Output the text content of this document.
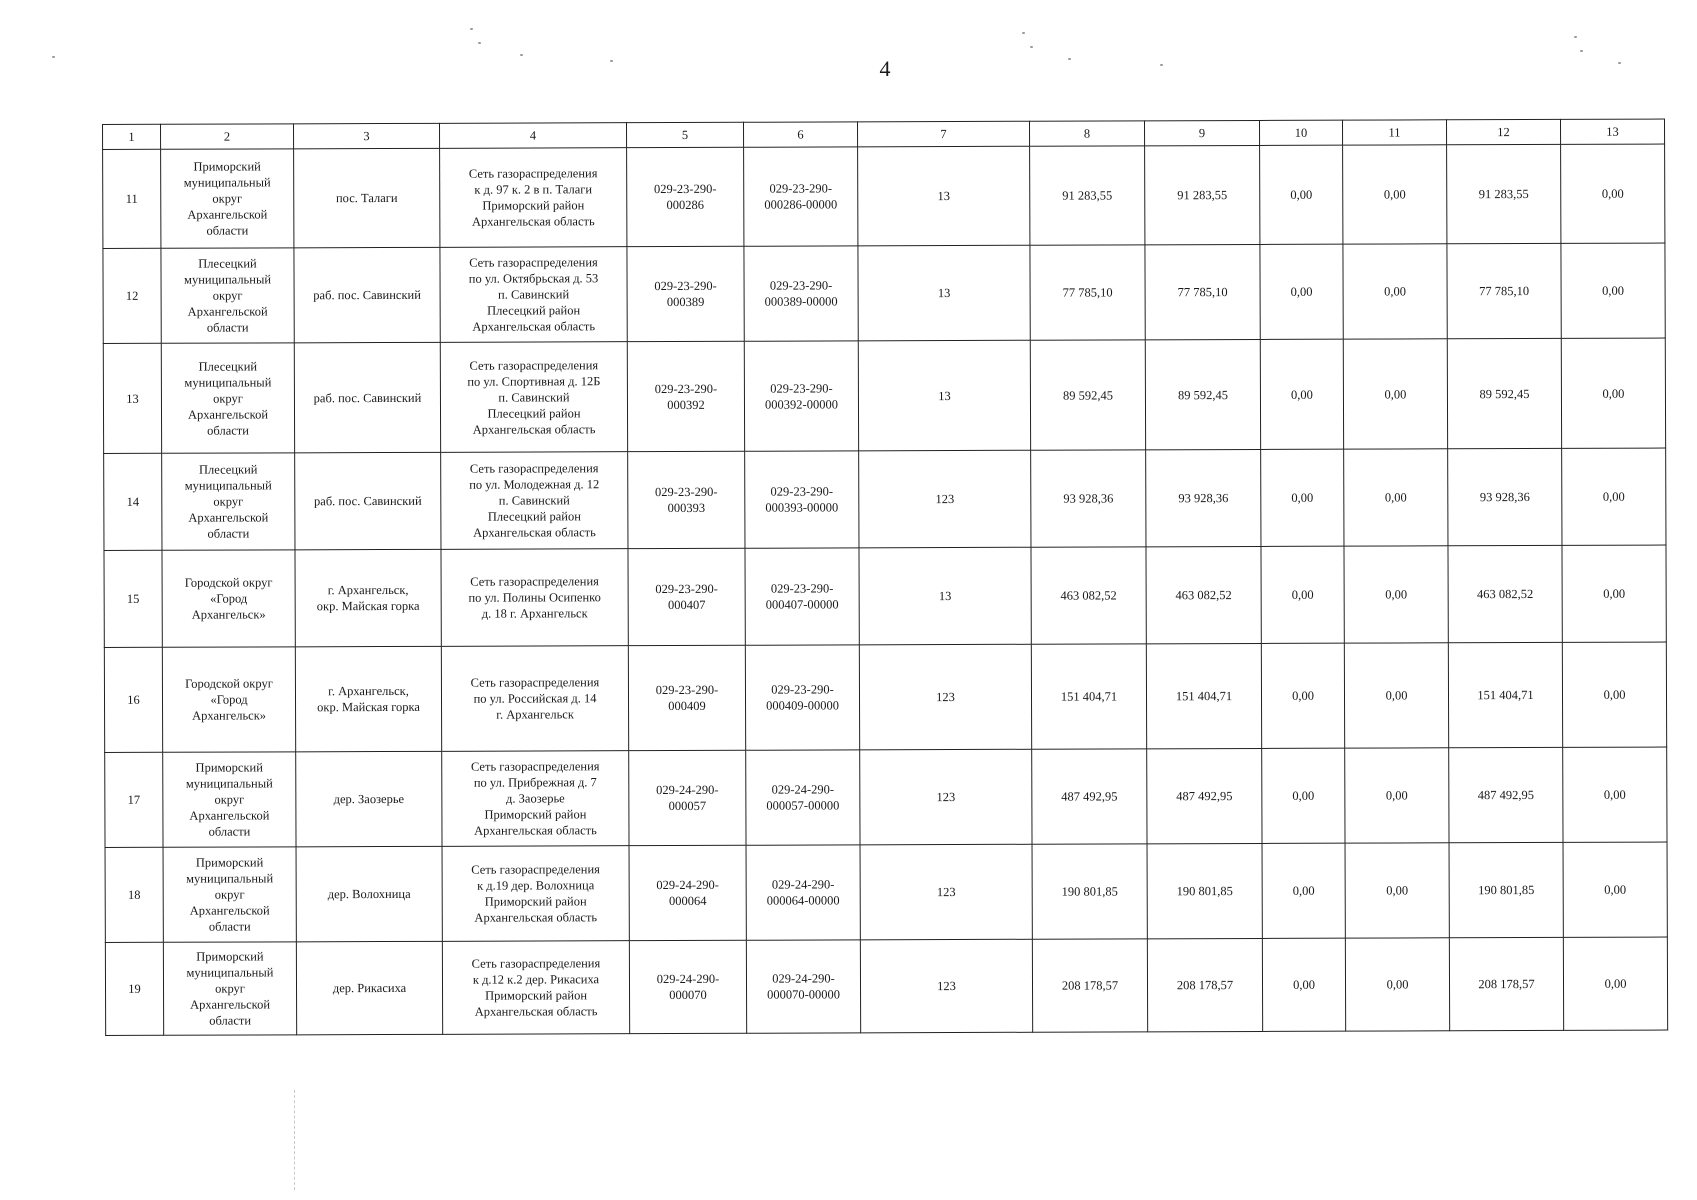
4
1	2	3	4	5	6	7	8	9	10	11	12	13
11	Приморский
муниципальный
округ
Архангельской
области	пос. Талаги	Сеть газораспределения
к д. 97 к. 2 в п. Талаги
Приморский район
Архангельская область	029-23-290-
000286	029-23-290-
000286-00000	13	91 283,55	91 283,55	0,00	0,00	91 283,55	0,00
12	Плесецкий
муниципальный
округ
Архангельской
области	раб. пос. Савинский	Сеть газораспределения
по ул. Октябрьская д. 53
п. Савинский
Плесецкий район
Архангельская область	029-23-290-
000389	029-23-290-
000389-00000	13	77 785,10	77 785,10	0,00	0,00	77 785,10	0,00
13	Плесецкий
муниципальный
округ
Архангельской
области	раб. пос. Савинский	Сеть газораспределения
по ул. Спортивная д. 12Б
п. Савинский
Плесецкий район
Архангельская область	029-23-290-
000392	029-23-290-
000392-00000	13	89 592,45	89 592,45	0,00	0,00	89 592,45	0,00
14	Плесецкий
муниципальный
округ
Архангельской
области	раб. пос. Савинский	Сеть газораспределения
по ул. Молодежная д. 12
п. Савинский
Плесецкий район
Архангельская область	029-23-290-
000393	029-23-290-
000393-00000	123	93 928,36	93 928,36	0,00	0,00	93 928,36	0,00
15	Городской округ
«Город
Архангельск»	г. Архангельск,
окр. Майская горка	Сеть газораспределения
по ул. Полины Осипенко
д. 18 г. Архангельск	029-23-290-
000407	029-23-290-
000407-00000	13	463 082,52	463 082,52	0,00	0,00	463 082,52	0,00
16	Городской округ
«Город
Архангельск»	г. Архангельск,
окр. Майская горка	Сеть газораспределения
по ул. Российская д. 14
г. Архангельск	029-23-290-
000409	029-23-290-
000409-00000	123	151 404,71	151 404,71	0,00	0,00	151 404,71	0,00
17	Приморский
муниципальный
округ
Архангельской
области	дер. Заозерье	Сеть газораспределения
по ул. Прибрежная д. 7
д. Заозерье
Приморский район
Архангельская область	029-24-290-
000057	029-24-290-
000057-00000	123	487 492,95	487 492,95	0,00	0,00	487 492,95	0,00
18	Приморский
муниципальный
округ
Архангельской
области	дер. Волохница	Сеть газораспределения
к д.19 дер. Волохница
Приморский район
Архангельская область	029-24-290-
000064	029-24-290-
000064-00000	123	190 801,85	190 801,85	0,00	0,00	190 801,85	0,00
19	Приморский
муниципальный
округ
Архангельской
области	дер. Рикасиха	Сеть газораспределения
к д.12 к.2 дер. Рикасиха
Приморский район
Архангельская область	029-24-290-
000070	029-24-290-
000070-00000	123	208 178,57	208 178,57	0,00	0,00	208 178,57	0,00
